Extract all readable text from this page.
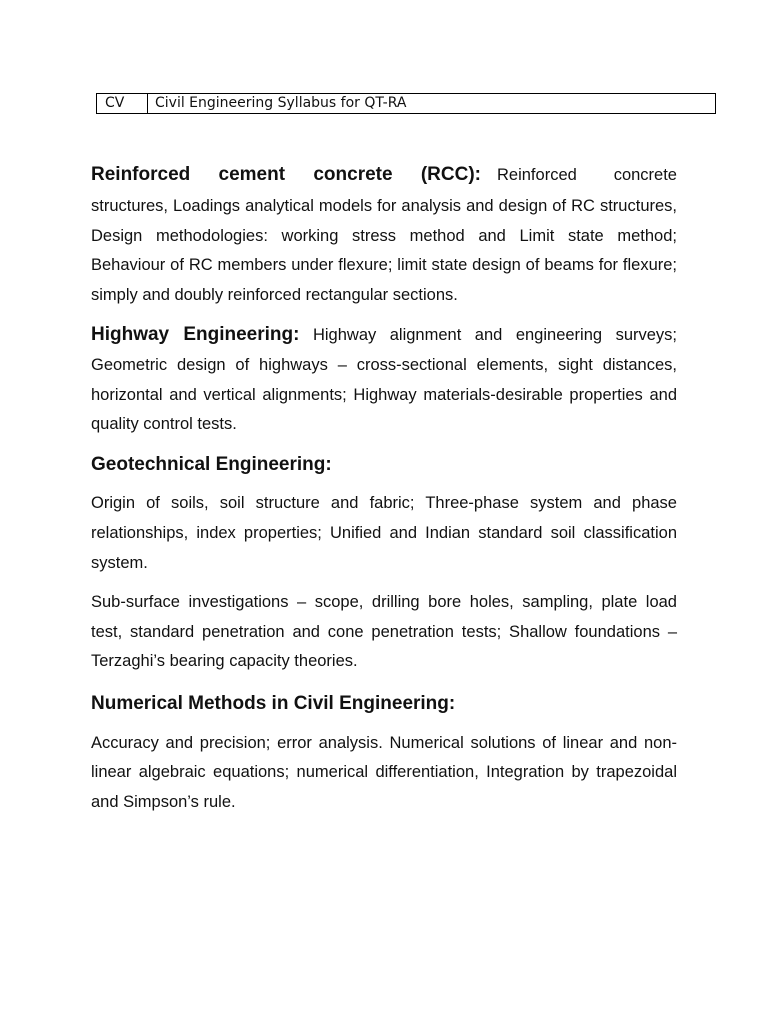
CV	Civil Engineering Syllabus for QT-RA
Reinforced cement concrete (RCC): Reinforced concrete

structures, Loadings analytical models for analysis and design of RC structures, Design methodologies: working stress method and Limit state method; Behaviour of RC members under flexure; limit state design of beams for flexure; simply and doubly reinforced rectangular sections.

Highway Engineering: Highway alignment and engineering surveys; Geometric design of highways – cross-sectional elements, sight distances, horizontal and vertical alignments; Highway materials-desirable properties and quality control tests.

Geotechnical Engineering:

Origin of soils, soil structure and fabric; Three-phase system and phase relationships, index properties; Unified and Indian standard soil classification system.

Sub-surface investigations – scope, drilling bore holes, sampling, plate load test, standard penetration and cone penetration tests; Shallow foundations – Terzaghi’s bearing capacity theories.

Numerical Methods in Civil Engineering:

Accuracy and precision; error analysis. Numerical solutions of linear and non-linear algebraic equations; numerical differentiation, Integration by trapezoidal and Simpson’s rule.
